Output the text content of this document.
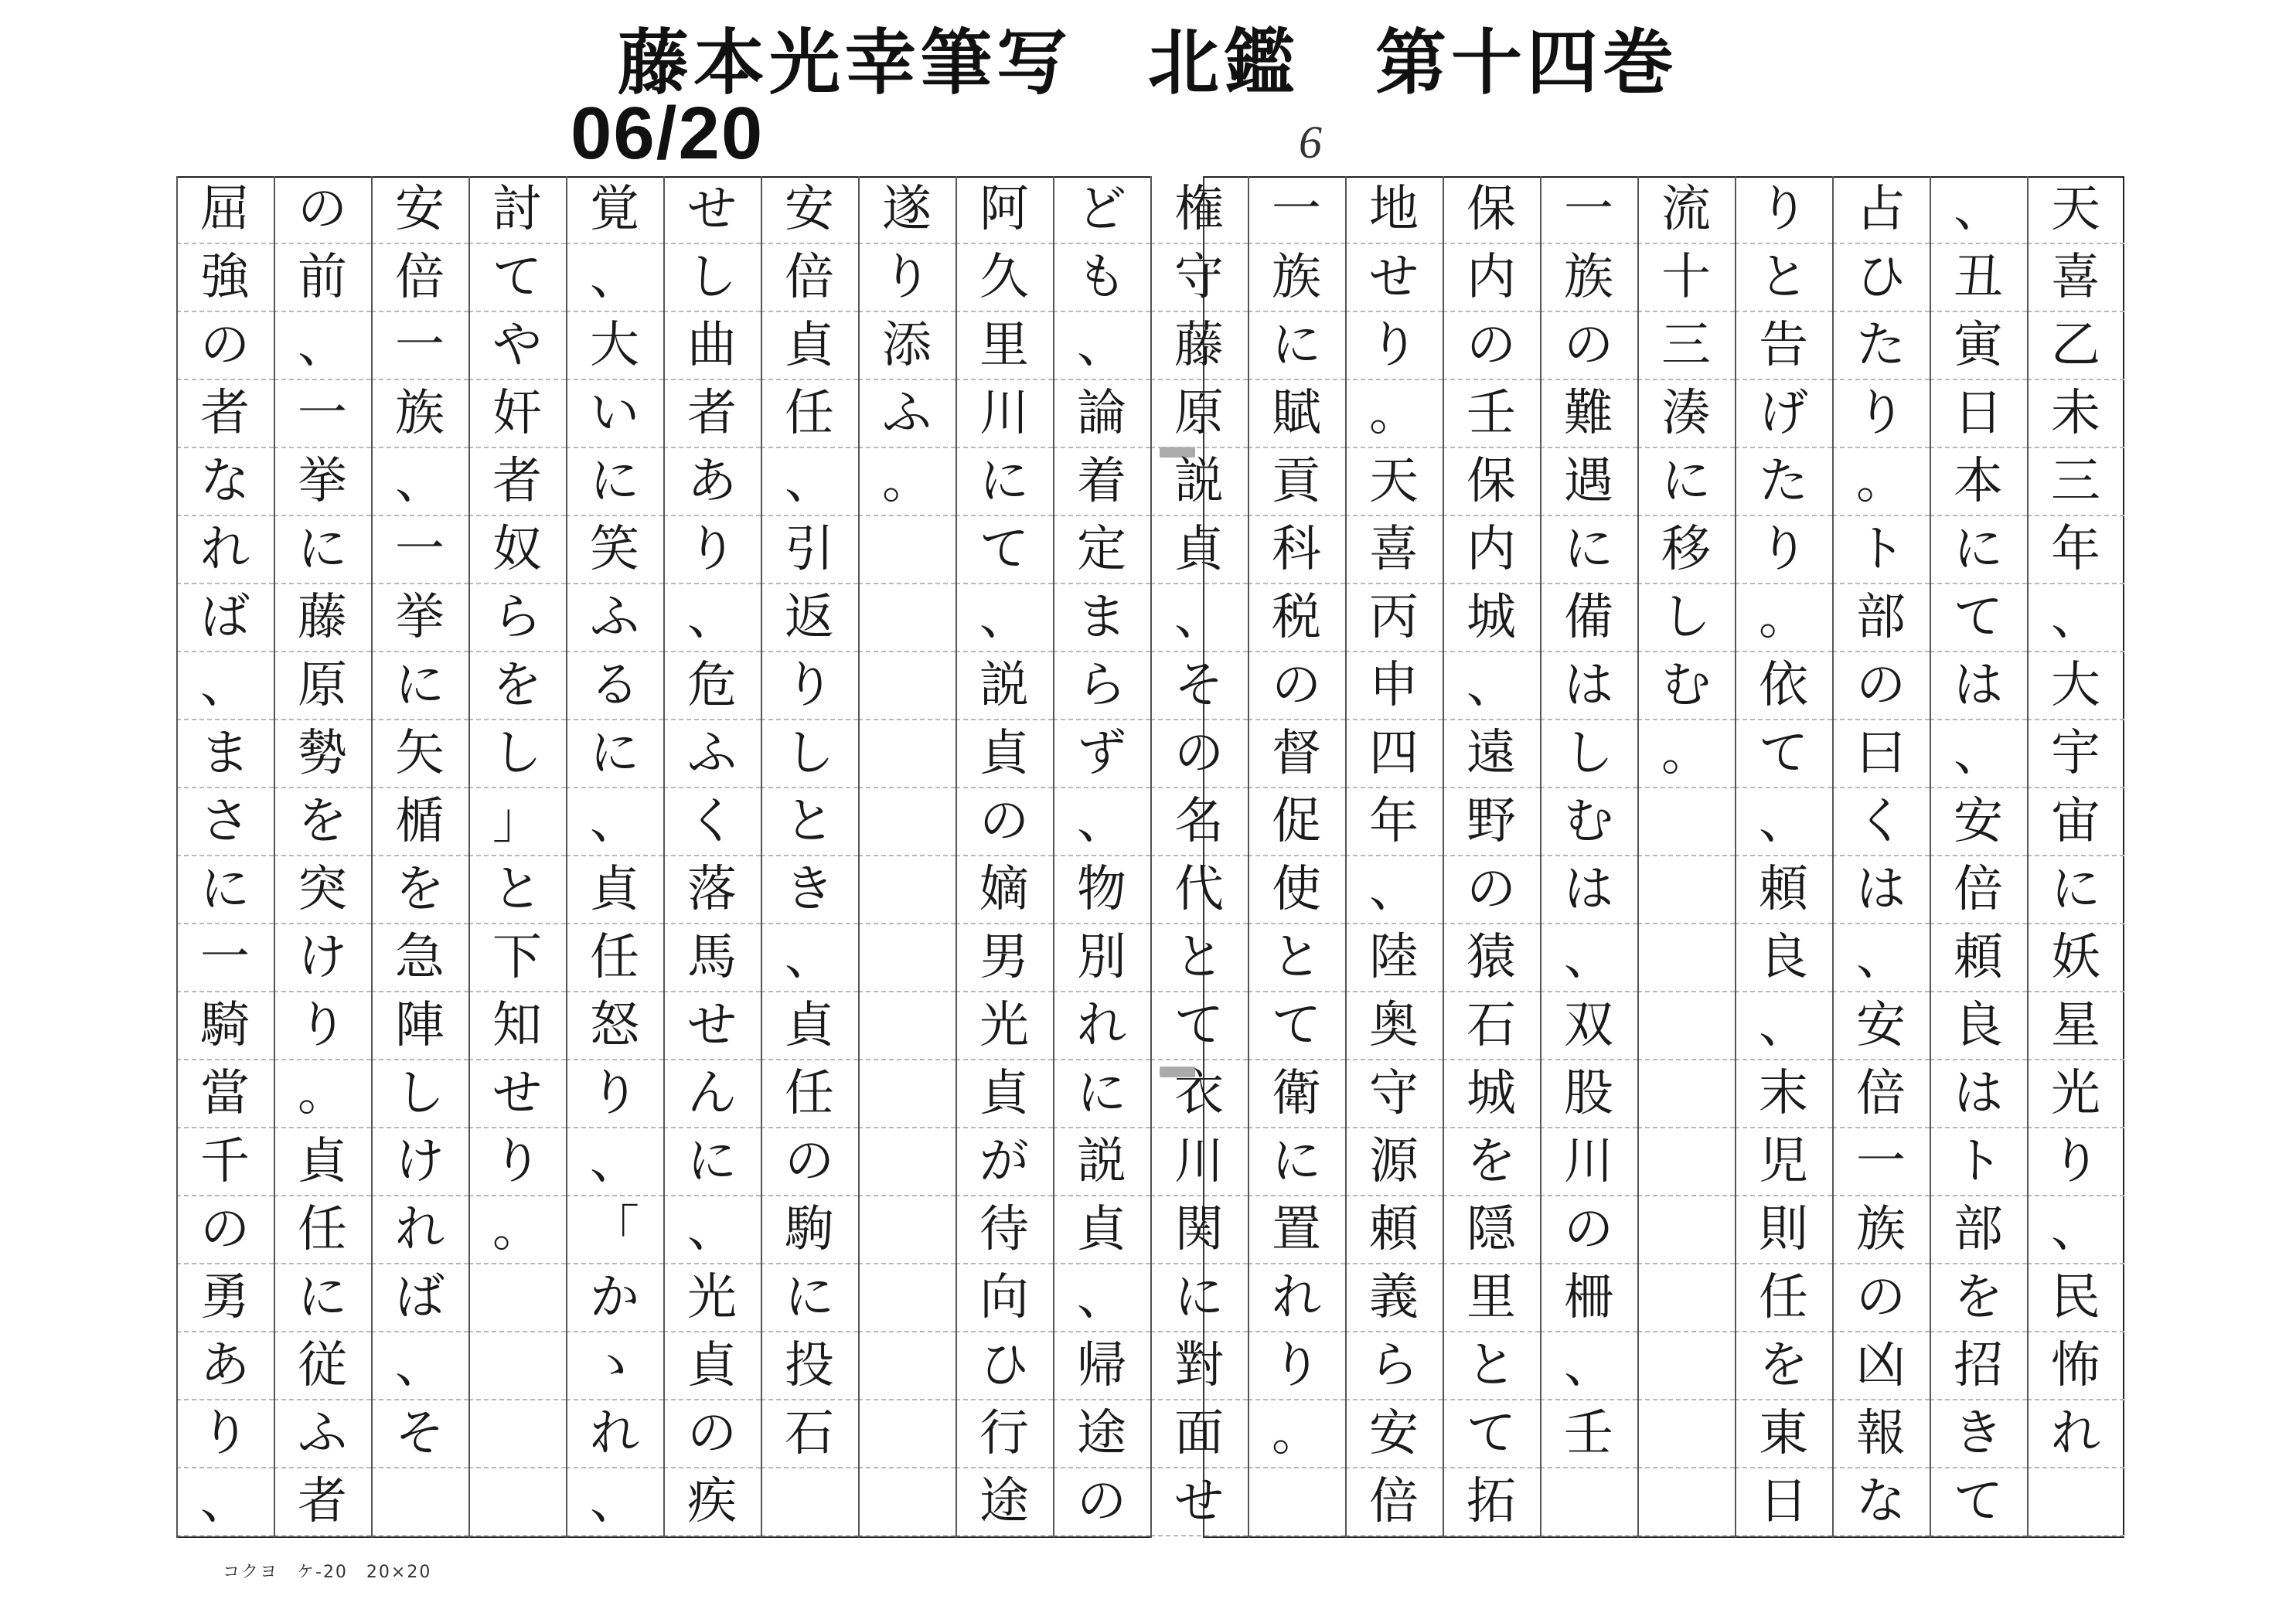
藤本光幸筆写　北鑑　第十四巻
06/20	6
天
喜
乙
未
三
年
、
大
宇
宙
に
妖
星
光
り
、
民
怖
れ
、
丑
寅
日
本
に
て
は
、
安
倍
頼
良
は
ト
部
を
招
き
て
占
ひ
た
り
。
ト
部
の
曰
く
は
、
安
倍
一
族
の
凶
報
な
り
と
告
げ
た
り
。
依
て
、
頼
良
、
末
児
則
任
を
東
日
流
十
三
湊
に
移
し
む
。
一
族
の
難
遇
に
備
は
し
む
は
、
双
股
川
の
柵
、
壬
保
内
の
壬
保
内
城
、
遠
野
の
猿
石
城
を
隠
里
と
て
拓
地
せ
り
。
天
喜
丙
申
四
年
、
陸
奥
守
源
頼
義
ら
安
倍
一
族
に
賦
貢
科
税
の
督
促
使
と
て
衛
に
置
れ
り
。
権
守
藤
原
説
貞
、
そ
の
名
代
と
て
衣
川
関
に
對
面
せ
ど
も
、
論
着
定
ま
ら
ず
、
物
別
れ
に
説
貞
、
帰
途
の
阿
久
里
川
に
て
、
説
貞
の
嫡
男
光
貞
が
待
向
ひ
行
途
遂
り
添
ふ
。
安
倍
貞
任
、
引
返
り
し
と
き
、
貞
任
の
駒
に
投
石
せ
し
曲
者
あ
り
、
危
ふ
く
落
馬
せ
ん
に
、
光
貞
の
疾
覚
、
大
い
に
笑
ふ
る
に
、
貞
任
怒
り
、
「
か
ゝ
れ
、
討
て
や
奸
者
奴
ら
を
し
」
と
下
知
せ
り
。
安
倍
一
族
、
一
挙
に
矢
楯
を
急
陣
し
け
れ
ば
、
そ
の
前
、
一
挙
に
藤
原
勢
を
突
け
り
。
貞
任
に
従
ふ
者
屈
強
の
者
な
れ
ば
、
ま
さ
に
一
騎
當
千
の
勇
あ
り
、
コクヨ　ケ-20　20×20
